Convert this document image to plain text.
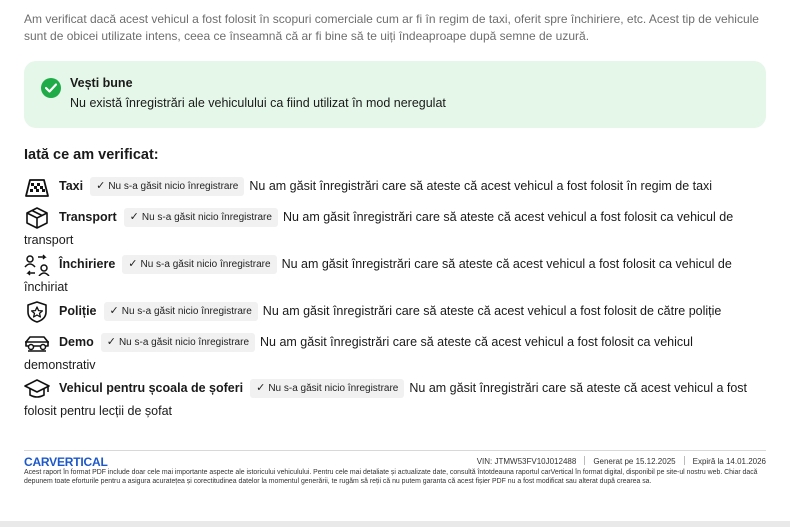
Am verificat dacă acest vehicul a fost folosit în scopuri comerciale cum ar fi în regim de taxi, oferit spre închiriere, etc. Acest tip de vehicule sunt de obicei utilizate intens, ceea ce înseamnă că ar fi bine să te uiți îndeaproape după semne de uzură.
Vești bune
Nu există înregistrări ale vehiculului ca fiind utilizat în mod neregulat
Iată ce am verificat:
Taxi ✓ Nu s-a găsit nicio înregistrare Nu am găsit înregistrări care să ateste că acest vehicul a fost folosit în regim de taxi
Transport ✓ Nu s-a găsit nicio înregistrare Nu am găsit înregistrări care să ateste că acest vehicul a fost folosit ca vehicul de transport
Închiriere ✓ Nu s-a găsit nicio înregistrare Nu am găsit înregistrări care să ateste că acest vehicul a fost folosit ca vehicul de închiriat
Poliție ✓ Nu s-a găsit nicio înregistrare Nu am găsit înregistrări care să ateste că acest vehicul a fost folosit de către poliție
Demo ✓ Nu s-a găsit nicio înregistrare Nu am găsit înregistrări care să ateste că acest vehicul a fost folosit ca vehicul demonstrativ
Vehicul pentru școala de șoferi ✓ Nu s-a găsit nicio înregistrare Nu am găsit înregistrări care să ateste că acest vehicul a fost folosit pentru lecții de șofat
CARVERTICAL	VIN: JTMW53FV10J012488 Generat pe 15.12.2025 Expiră la 14.01.2026
Acest raport în format PDF include doar cele mai importante aspecte ale istoricului vehiculului. Pentru cele mai detaliate și actualizate date, consultă întotdeauna raportul carVertical în format digital, disponibil pe site-ul nostru web. Chiar dacă depunem toate eforturile pentru a asigura acuratețea și corectitudinea datelor la momentul generării, te rugăm să reții că nu putem garanta că acest fișier PDF nu a fost modificat sau alterat după crearea sa.
